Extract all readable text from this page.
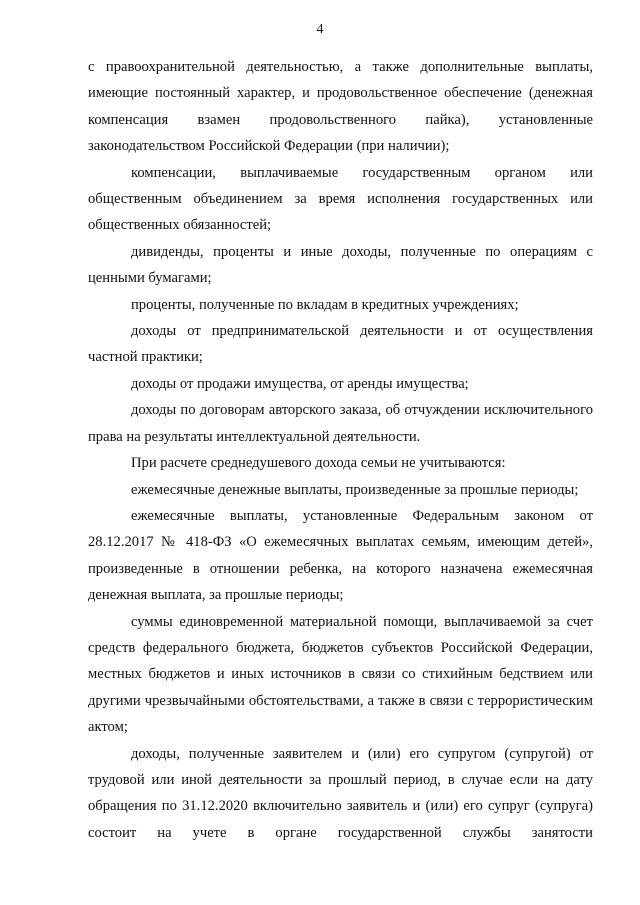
4

с правоохранительной деятельностью, а также дополнительные выплаты, имеющие постоянный характер, и продовольственное обеспечение (денежная компенсация взамен продовольственного пайка), установленные законодательством Российской Федерации (при наличии);

компенсации, выплачиваемые государственным органом или общественным объединением за время исполнения государственных или общественных обязанностей;

дивиденды, проценты и иные доходы, полученные по операциям с ценными бумагами;

проценты, полученные по вкладам в кредитных учреждениях;

доходы от предпринимательской деятельности и от осуществления частной практики;

доходы от продажи имущества, от аренды имущества;

доходы по договорам авторского заказа, об отчуждении исключительного права на результаты интеллектуальной деятельности.

При расчете среднедушевого дохода семьи не учитываются:

ежемесячные денежные выплаты, произведенные за прошлые периоды;

ежемесячные выплаты, установленные Федеральным законом от 28.12.2017 № 418-ФЗ «О ежемесячных выплатах семьям, имеющим детей», произведенные в отношении ребенка, на которого назначена ежемесячная денежная выплата, за прошлые периоды;

суммы единовременной материальной помощи, выплачиваемой за счет средств федерального бюджета, бюджетов субъектов Российской Федерации, местных бюджетов и иных источников в связи со стихийным бедствием или другими чрезвычайными обстоятельствами, а также в связи с террористическим актом;

доходы, полученные заявителем и (или) его супругом (супругой) от трудовой или иной деятельности за прошлый период, в случае если на дату обращения по 31.12.2020 включительно заявитель и (или) его супруг (супруга) состоит на учете в органе государственной службы занятости
